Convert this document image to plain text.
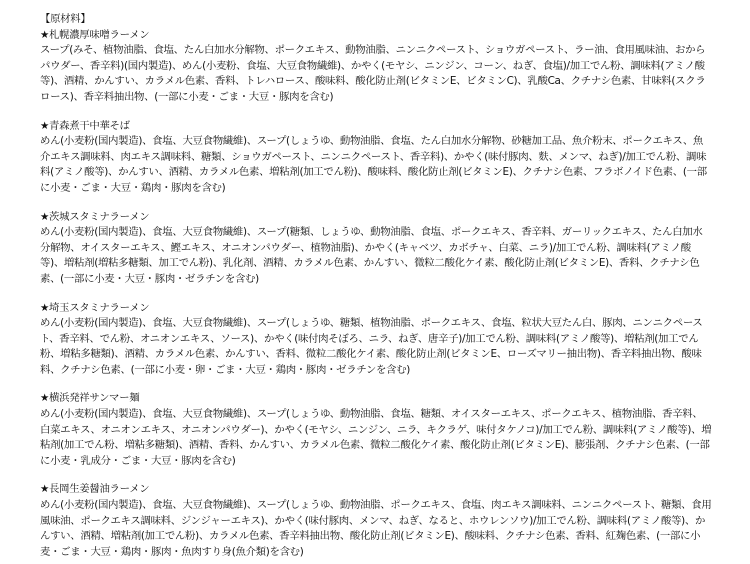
【原材料】
★札幌濃厚味噌ラーメン

スープ(みそ、植物油脂、食塩、たん白加水分解物、ポークエキス、動物油脂、ニンニクペースト、ショウガペースト、ラー油、食用風味油、おからパウダー、香辛料)(国内製造)、めん(小麦粉、食塩、大豆食物繊維)、かやく(モヤシ、ニンジン、コーン、ねぎ、食塩)/加工でん粉、調味料(アミノ酸等)、酒精、かんすい、カラメル色素、香料、トレハロース、酸味料、酸化防止剤(ビタミンE、ビタミンC)、乳酸Ca、クチナシ色素、甘味料(スクラロース)、香辛料抽出物、(一部に小麦・ごま・大豆・豚肉を含む)

★青森煮干中華そば

めん(小麦粉(国内製造)、食塩、大豆食物繊維)、スープ(しょうゆ、動物油脂、食塩、たん白加水分解物、砂糖加工品、魚介粉末、ポークエキス、魚介エキス調味料、肉エキス調味料、糖類、ショウガペースト、ニンニクペースト、香辛料)、かやく(味付豚肉、麩、メンマ、ねぎ)/加工でん粉、調味料(アミノ酸等)、かんすい、酒精、カラメル色素、増粘剤(加工でん粉)、酸味料、酸化防止剤(ビタミンE)、クチナシ色素、フラボノイド色素、(一部に小麦・ごま・大豆・鶏肉・豚肉を含む)

★茨城スタミナラーメン

めん(小麦粉(国内製造)、食塩、大豆食物繊維)、スープ(糖類、しょうゆ、動物油脂、食塩、ポークエキス、香辛料、ガーリックエキス、たん白加水分解物、オイスターエキス、鰹エキス、オニオンパウダー、植物油脂)、かやく(キャベツ、カボチャ、白菜、ニラ)/加工でん粉、調味料(アミノ酸等)、増粘剤(増粘多糖類、加工でん粉)、乳化剤、酒精、カラメル色素、かんすい、微粒二酸化ケイ素、酸化防止剤(ビタミンE)、香料、クチナシ色素、(一部に小麦・大豆・豚肉・ゼラチンを含む)

★埼玉スタミナラーメン

めん(小麦粉(国内製造)、食塩、大豆食物繊維)、スープ(しょうゆ、糖類、植物油脂、ポークエキス、食塩、粒状大豆たん白、豚肉、ニンニクペースト、香辛料、でん粉、オニオンエキス、ソース)、かやく(味付肉そぼろ、ニラ、ねぎ、唐辛子)/加工でん粉、調味料(アミノ酸等)、増粘剤(加工でん粉、増粘多糖類)、酒精、カラメル色素、かんすい、香料、微粒二酸化ケイ素、酸化防止剤(ビタミンE、ローズマリー抽出物)、香辛料抽出物、酸味料、クチナシ色素、(一部に小麦・卵・ごま・大豆・鶏肉・豚肉・ゼラチンを含む)

★横浜発祥サンマー麺

めん(小麦粉(国内製造)、食塩、大豆食物繊維)、スープ(しょうゆ、動物油脂、食塩、糖類、オイスターエキス、ポークエキス、植物油脂、香辛料、白菜エキス、オニオンエキス、オニオンパウダー)、かやく(モヤシ、ニンジン、ニラ、キクラゲ、味付タケノコ)/加工でん粉、調味料(アミノ酸等)、増粘剤(加工でん粉、増粘多糖類)、酒精、香料、かんすい、カラメル色素、微粒二酸化ケイ素、酸化防止剤(ビタミンE)、膨張剤、クチナシ色素、(一部に小麦・乳成分・ごま・大豆・豚肉を含む)

★長岡生姜醤油ラーメン

めん(小麦粉(国内製造)、食塩、大豆食物繊維)、スープ(しょうゆ、動物油脂、ポークエキス、食塩、肉エキス調味料、ニンニクペースト、糖類、食用風味油、ポークエキス調味料、ジンジャーエキス)、かやく(味付豚肉、メンマ、ねぎ、なると、ホウレンソウ)/加工でん粉、調味料(アミノ酸等)、かんすい、酒精、増粘剤(加工でん粉)、カラメル色素、香辛料抽出物、酸化防止剤(ビタミンE)、酸味料、クチナシ色素、香料、紅麹色素、(一部に小麦・ごま・大豆・鶏肉・豚肉・魚肉すり身(魚介類)を含む)
